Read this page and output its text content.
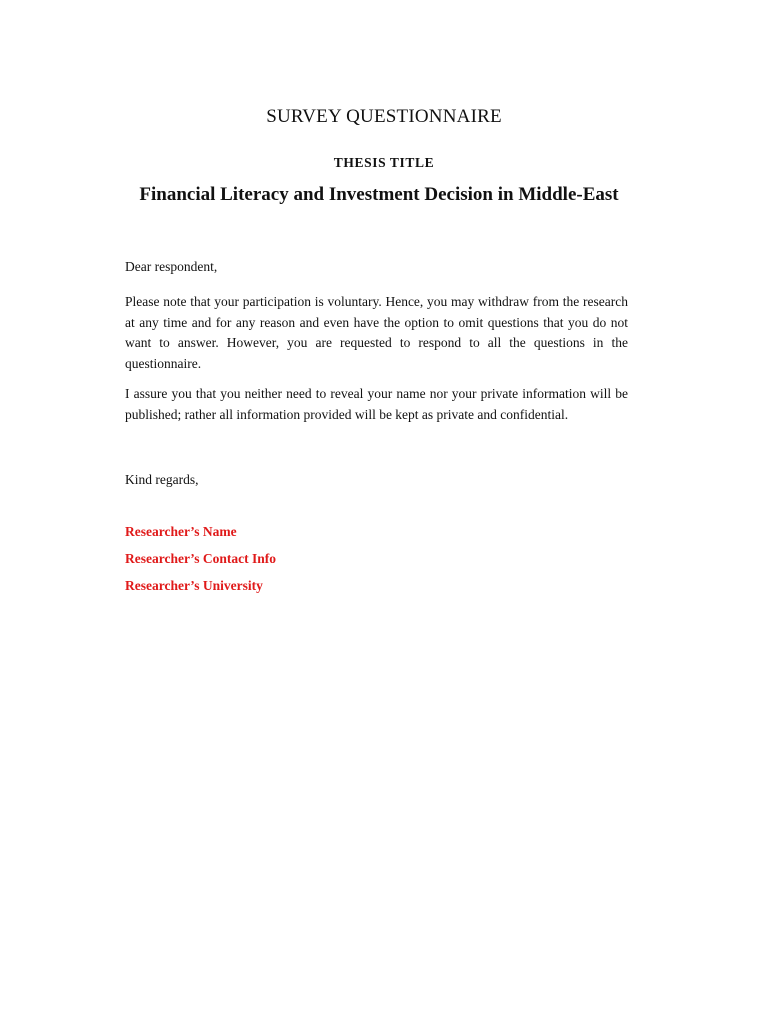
SURVEY QUESTIONNAIRE
THESIS TITLE
Financial Literacy and Investment Decision in Middle-East

Dear respondent,

Please note that your participation is voluntary. Hence, you may withdraw from the research at any time and for any reason and even have the option to omit questions that you do not want to answer. However, you are requested to respond to all the questions in the questionnaire.

I assure you that you neither need to reveal your name nor your private information will be published; rather all information provided will be kept as private and confidential.

Kind regards,

Researcher’s Name

Researcher’s Contact Info

Researcher’s University
